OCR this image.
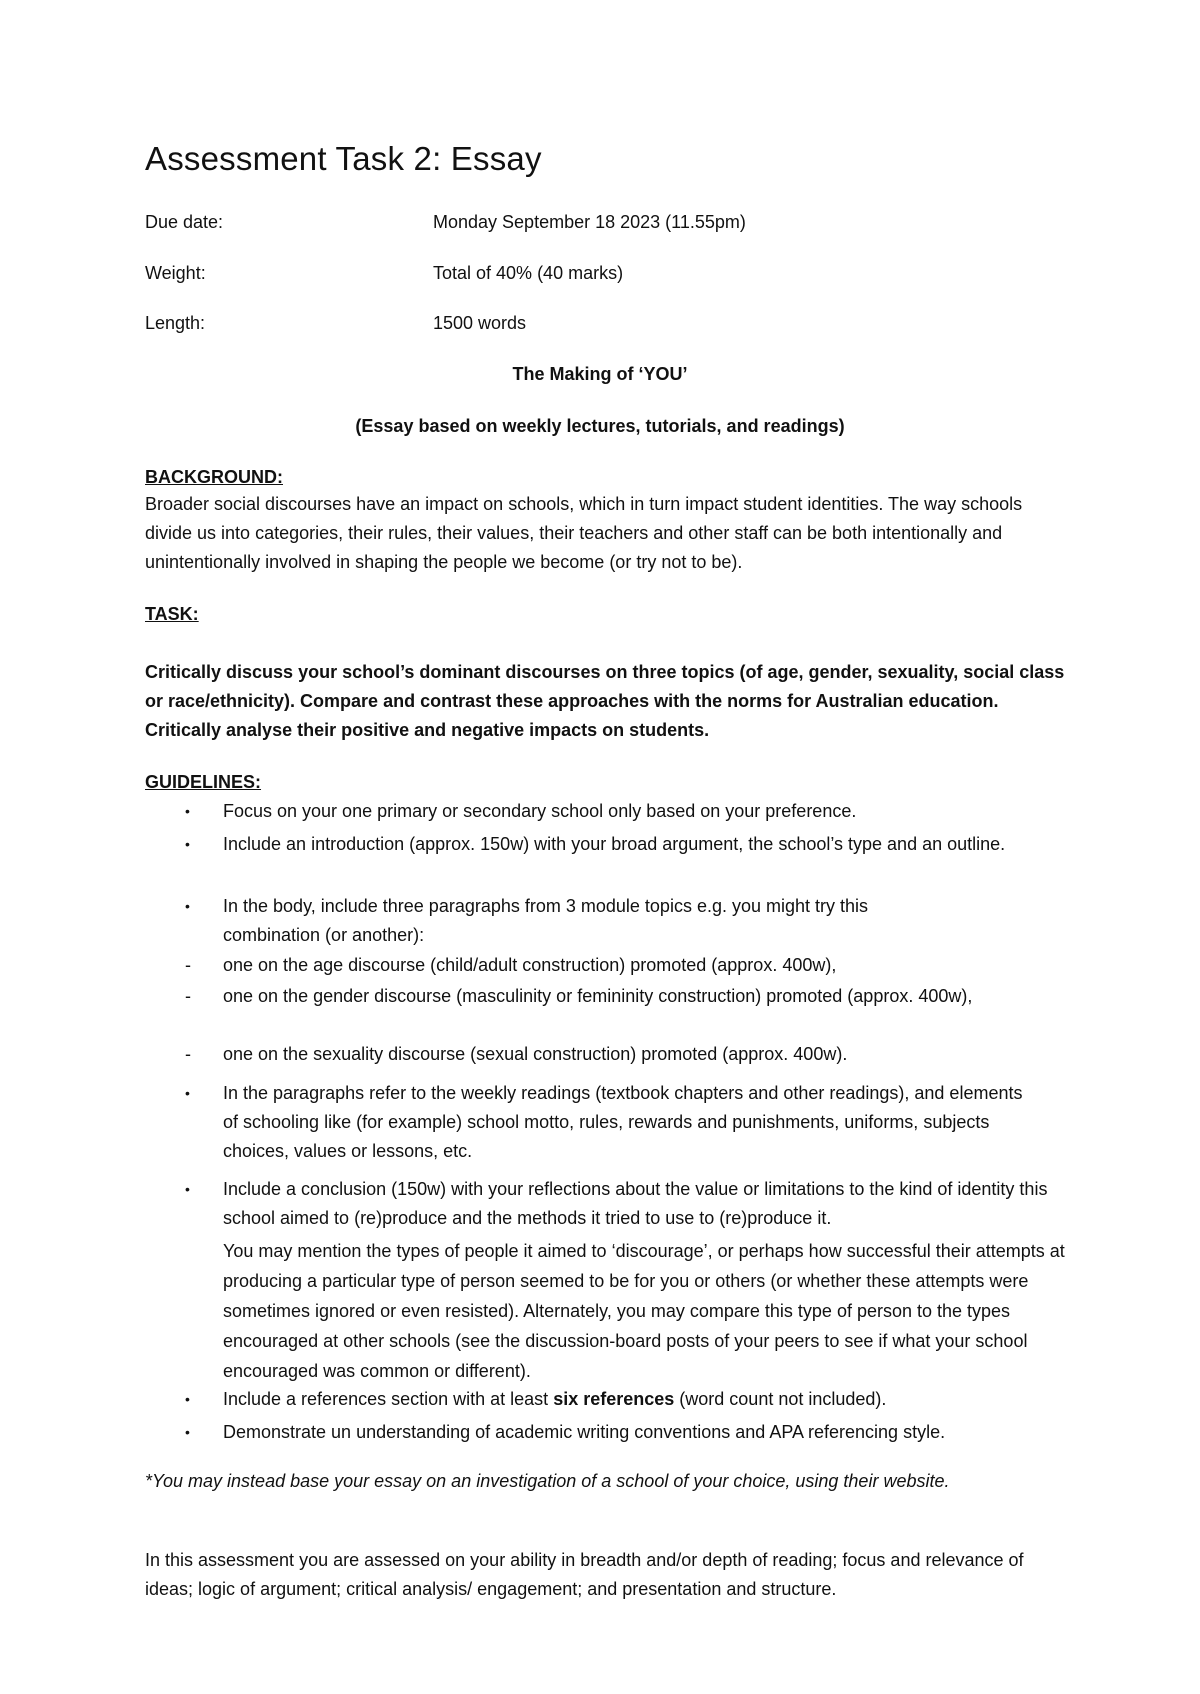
Assessment Task 2: Essay
Due date:	Monday September 18 2023 (11.55pm)
Weight:	Total of 40% (40 marks)
Length:	1500 words
The Making of ‘YOU’
(Essay based on weekly lectures, tutorials, and readings)
BACKGROUND:

Broader social discourses have an impact on schools, which in turn impact student identities. The way schools divide us into categories, their rules, their values, their teachers and other staff can be both intentionally and unintentionally involved in shaping the people we become (or try not to be).

TASK:

Critically discuss your school’s dominant discourses on three topics (of age, gender, sexuality, social class or race/ethnicity). Compare and contrast these approaches with the norms for Australian education. Critically analyse their positive and negative impacts on students.

GUIDELINES:
•	Focus on your one primary or secondary school only based on your preference.
•	Include an introduction (approx. 150w) with your broad argument, the school’s type and an outline.
•	In the body, include three paragraphs from 3 module topics e.g. you might try this combination (or another):
-	one on the age discourse (child/adult construction) promoted (approx. 400w),
-	one on the gender discourse (masculinity or femininity construction) promoted (approx. 400w),
-	one on the sexuality discourse (sexual construction) promoted (approx. 400w).
•	In the paragraphs refer to the weekly readings (textbook chapters and other readings), and elements of schooling like (for example) school motto, rules, rewards and punishments, uniforms, subjects choices, values or lessons, etc.
•	Include a conclusion (150w) with your reflections about the value or limitations to the kind of identity this school aimed to (re)produce and the methods it tried to use to (re)produce it.

You may mention the types of people it aimed to ‘discourage’, or perhaps how successful their attempts at producing a particular type of person seemed to be for you or others (or whether these attempts were sometimes ignored or even resisted). Alternately, you may compare this type of person to the types encouraged at other schools (see the discussion-board posts of your peers to see if what your school encouraged was common or different).

•	Include a references section with at least six references (word count not included).
•	Demonstrate un understanding of academic writing conventions and APA referencing style.

*You may instead base your essay on an investigation of a school of your choice, using their website.

In this assessment you are assessed on your ability in breadth and/or depth of reading; focus and relevance of ideas; logic of argument; critical analysis/ engagement; and presentation and structure.
